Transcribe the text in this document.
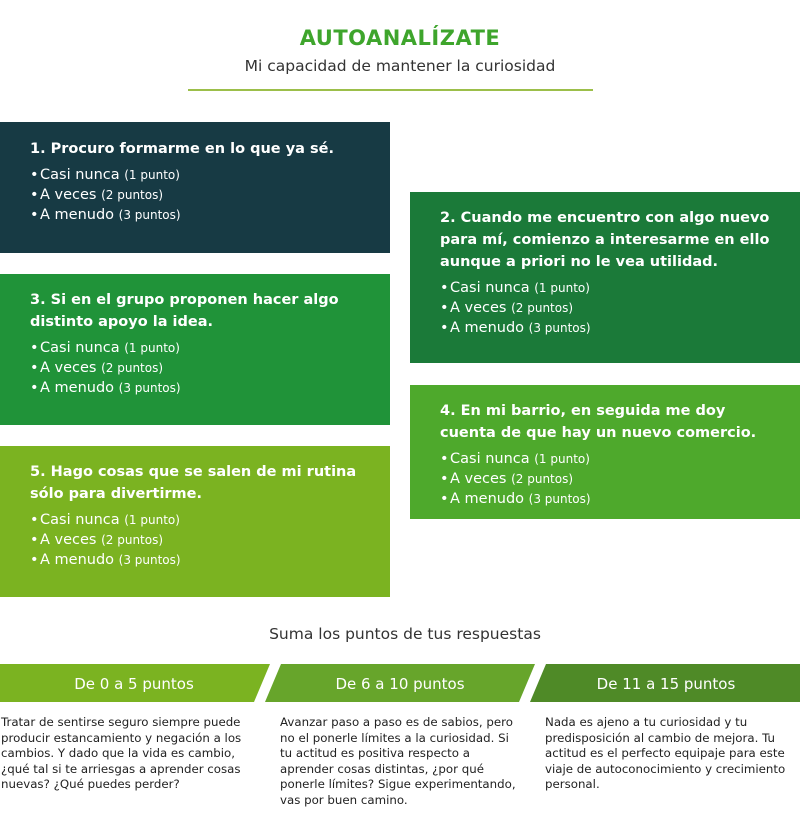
AUTOANALÍZATE
Mi capacidad de mantener la curiosidad
1. Procuro formarme en lo que ya sé.
•Casi nunca (1 punto)
•A veces (2 puntos)
•A menudo (3 puntos)	2. Cuando me encuentro con algo nuevo para mí, comienzo a interesarme en ello aunque a priori no le vea utilidad.
•Casi nunca (1 punto)
•A veces (2 puntos)
•A menudo (3 puntos)
3. Si en el grupo proponen hacer algo distinto apoyo la idea.
•Casi nunca (1 punto)
•A veces (2 puntos)
•A menudo (3 puntos)
4. En mi barrio, en seguida me doy cuenta de que hay un nuevo comercio.
•Casi nunca (1 punto)
•A veces (2 puntos)
•A menudo (3 puntos)
5. Hago cosas que se salen de mi rutina sólo para divertirme.
•Casi nunca (1 punto)
•A veces (2 puntos)
•A menudo (3 puntos)
Suma los puntos de tus respuestas
De 0 a 5 puntos	De 6 a 10 puntos	De 11 a 15 puntos
Tratar de sentirse seguro siempre puede producir estancamiento y negación a los cambios. Y dado que la vida es cambio, ¿qué tal si te arriesgas a aprender cosas nuevas? ¿Qué puedes perder?
Avanzar paso a paso es de sabios, pero no el ponerle límites a la curiosidad. Si tu actitud es positiva respecto a aprender cosas distintas, ¿por qué ponerle límites? Sigue experimentando, vas por buen camino.
Nada es ajeno a tu curiosidad y tu predisposición al cambio de mejora. Tu actitud es el perfecto equipaje para este viaje de autoconocimiento y crecimiento personal.
